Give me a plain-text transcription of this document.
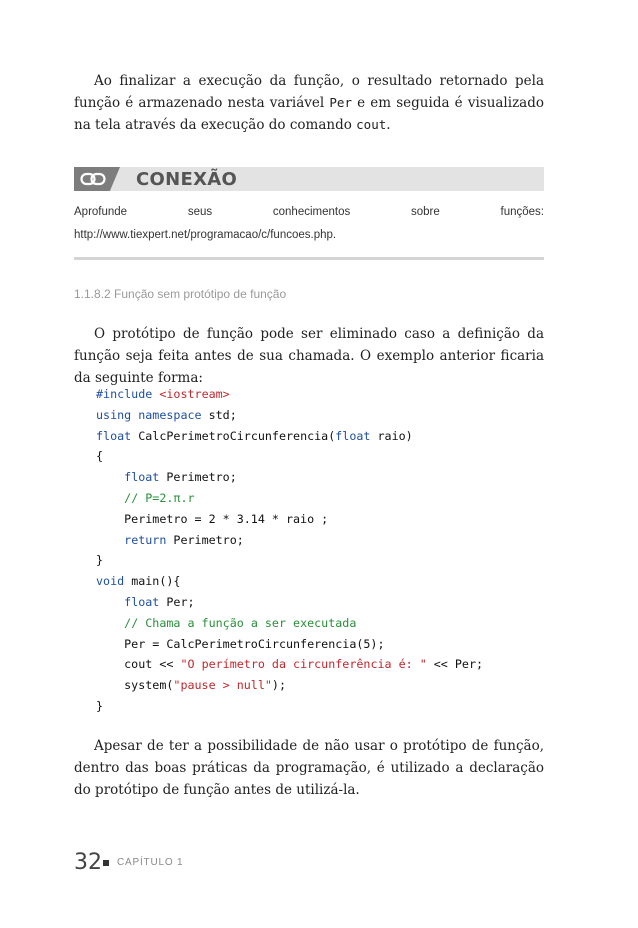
Ao finalizar a execução da função, o resultado retornado pela função é armazenado nesta variável Per e em seguida é visualizado na tela através da execução do comando cout.

CONEXÃO

Aprofunde seus conhecimentos sobre funções: http://www.tiexpert.net/programacao/c/funcoes.php.

1.1.8.2 Função sem protótipo de função

O protótipo de função pode ser eliminado caso a definição da função seja feita antes de sua chamada. O exemplo anterior ficaria da seguinte forma:

#include <iostream>
using namespace std;
float CalcPerimetroCircunferencia(float raio)
{
float Perimetro;
// P=2.π.r
Perimetro = 2 * 3.14 * raio ;
return Perimetro;
}
void main(){
float Per;
// Chama a função a ser executada
Per = CalcPerimetroCircunferencia(5);
cout << "O perímetro da circunferência é: " << Per;
system("pause > null");
}

Apesar de ter a possibilidade de não usar o protótipo de função, dentro das boas práticas da programação, é utilizado a declaração do protótipo de função antes de utilizá-la.

32 CAPÍTULO 1
